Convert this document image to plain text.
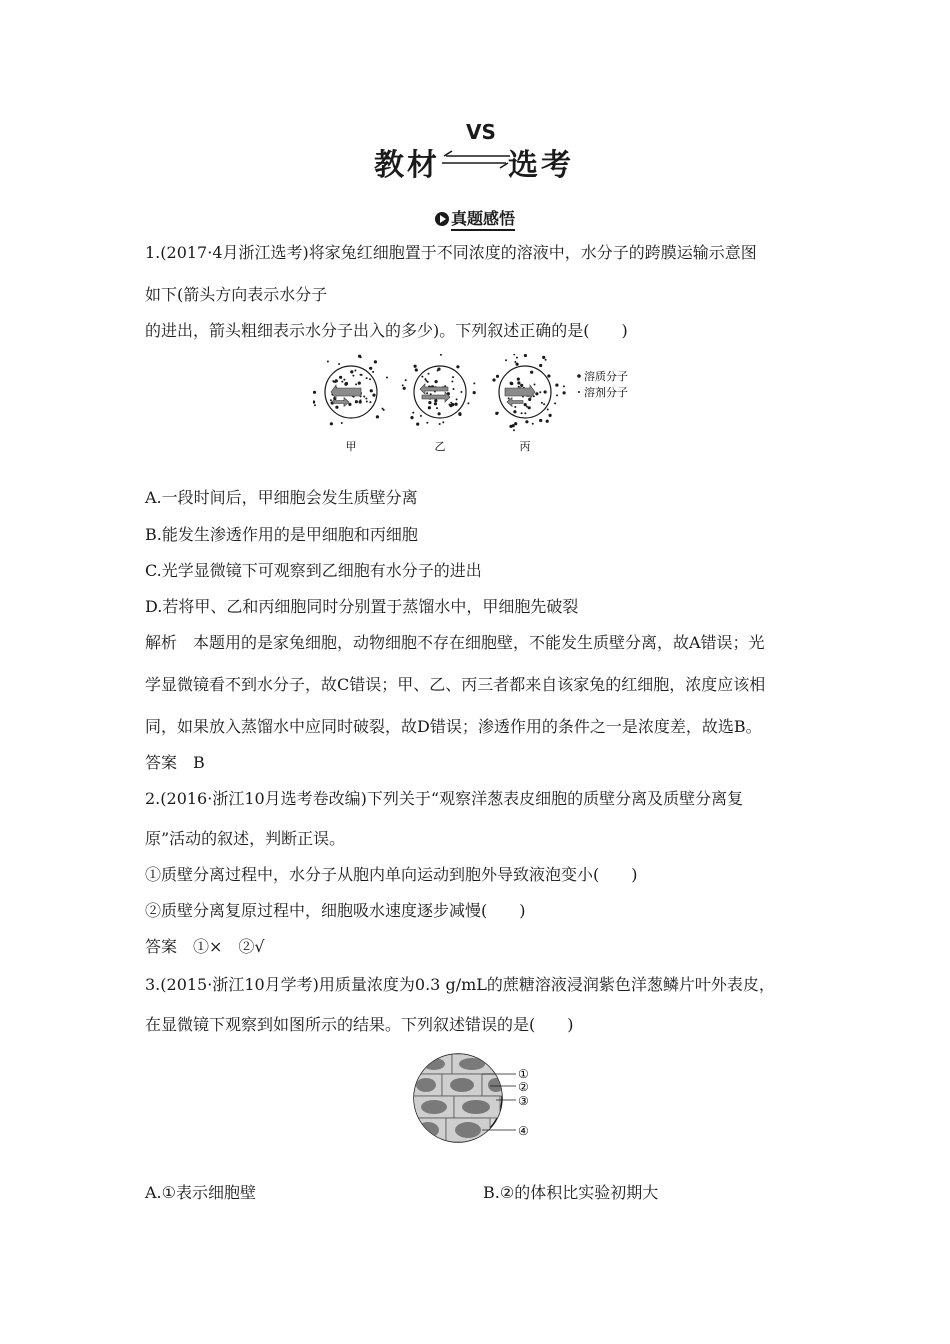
教材
VS
选考
真题感悟
1.(2017·4月浙江选考)将家兔红细胞置于不同浓度的溶液中，水分子的跨膜运输示意图
如下(箭头方向表示水分子
的进出，箭头粗细表示水分子出入的多少)。下列叙述正确的是(　　)
甲	乙	丙
溶质分子
溶剂分子
A.一段时间后，甲细胞会发生质壁分离
B.能发生渗透作用的是甲细胞和丙细胞
C.光学显微镜下可观察到乙细胞有水分子的进出
D.若将甲、乙和丙细胞同时分别置于蒸馏水中，甲细胞先破裂
解析　本题用的是家兔细胞，动物细胞不存在细胞壁，不能发生质壁分离，故A错误；光
学显微镜看不到水分子，故C错误；甲、乙、丙三者都来自该家兔的红细胞，浓度应该相
同，如果放入蒸馏水中应同时破裂，故D错误；渗透作用的条件之一是浓度差，故选B。
答案　B
2.(2016·浙江10月选考卷改编)下列关于“观察洋葱表皮细胞的质壁分离及质壁分离复
原”活动的叙述，判断正误。
①质壁分离过程中，水分子从胞内单向运动到胞外导致液泡变小(　　)
②质壁分离复原过程中，细胞吸水速度逐步减慢(　　)
答案　①×　②√
3.(2015·浙江10月学考)用质量浓度为0.3 g/mL的蔗糖溶液浸润紫色洋葱鳞片叶外表皮，
在显微镜下观察到如图所示的结果。下列叙述错误的是(　　)
①
②
③
④
A.①表示细胞壁	B.②的体积比实验初期大
